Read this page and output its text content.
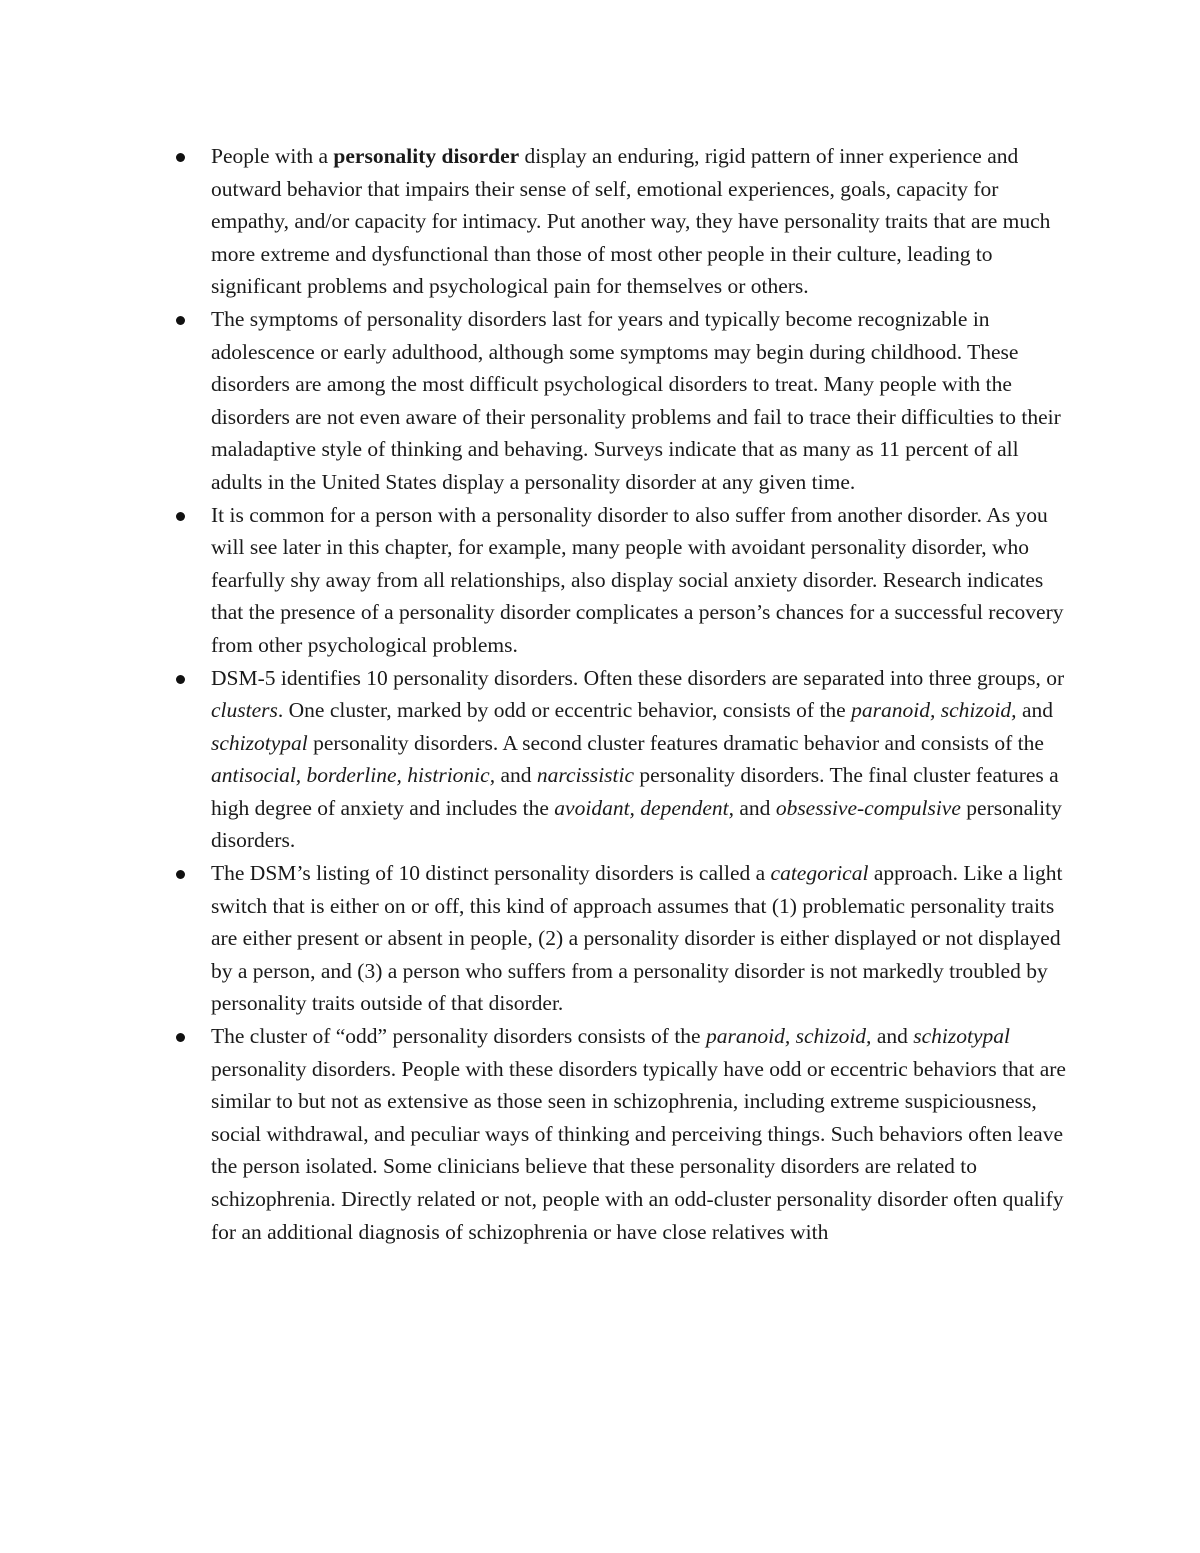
People with a personality disorder display an enduring, rigid pattern of inner experience and outward behavior that impairs their sense of self, emotional experiences, goals, capacity for empathy, and/or capacity for intimacy. Put another way, they have personality traits that are much more extreme and dysfunctional than those of most other people in their culture, leading to significant problems and psychological pain for themselves or others.
The symptoms of personality disorders last for years and typically become recognizable in adolescence or early adulthood, although some symptoms may begin during childhood. These disorders are among the most difficult psychological disorders to treat. Many people with the disorders are not even aware of their personality problems and fail to trace their difficulties to their maladaptive style of thinking and behaving. Surveys indicate that as many as 11 percent of all adults in the United States display a personality disorder at any given time.
It is common for a person with a personality disorder to also suffer from another disorder. As you will see later in this chapter, for example, many people with avoidant personality disorder, who fearfully shy away from all relationships, also display social anxiety disorder. Research indicates that the presence of a personality disorder complicates a person’s chances for a successful recovery from other psychological problems.
DSM-5 identifies 10 personality disorders. Often these disorders are separated into three groups, or clusters. One cluster, marked by odd or eccentric behavior, consists of the paranoid, schizoid, and schizotypal personality disorders. A second cluster features dramatic behavior and consists of the antisocial, borderline, histrionic, and narcissistic personality disorders. The final cluster features a high degree of anxiety and includes the avoidant, dependent, and obsessive-compulsive personality disorders.
The DSM’s listing of 10 distinct personality disorders is called a categorical approach. Like a light switch that is either on or off, this kind of approach assumes that (1) problematic personality traits are either present or absent in people, (2) a personality disorder is either displayed or not displayed by a person, and (3) a person who suffers from a personality disorder is not markedly troubled by personality traits outside of that disorder.
The cluster of “odd” personality disorders consists of the paranoid, schizoid, and schizotypal personality disorders. People with these disorders typically have odd or eccentric behaviors that are similar to but not as extensive as those seen in schizophrenia, including extreme suspiciousness, social withdrawal, and peculiar ways of thinking and perceiving things. Such behaviors often leave the person isolated. Some clinicians believe that these personality disorders are related to schizophrenia. Directly related or not, people with an odd-cluster personality disorder often qualify for an additional diagnosis of schizophrenia or have close relatives with
